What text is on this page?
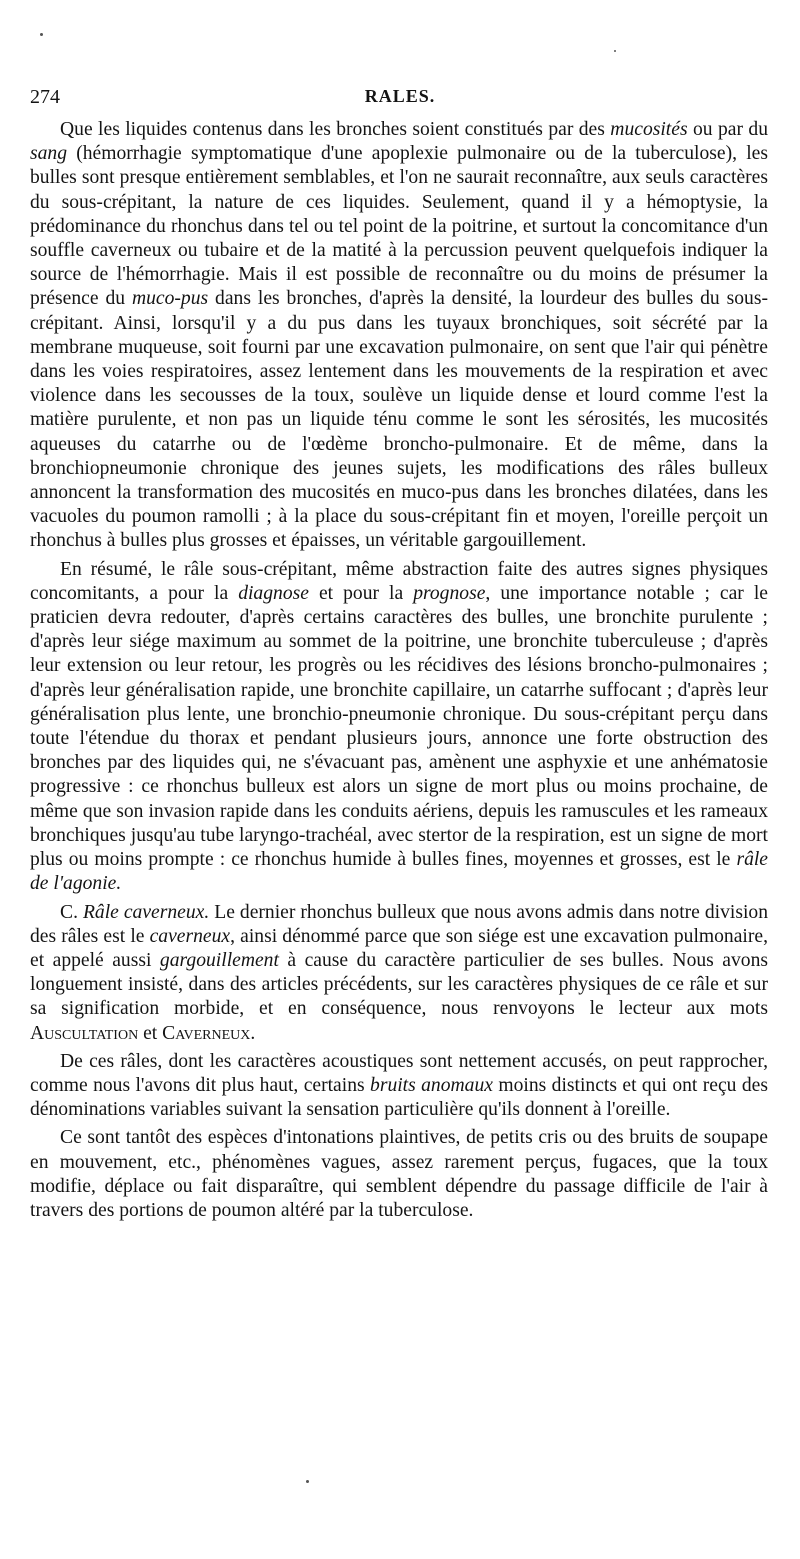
274	RALES.

Que les liquides contenus dans les bronches soient constitués par des mucosités ou par du sang (hémorrhagie symptomatique d'une apoplexie pulmonaire ou de la tuberculose), les bulles sont presque entièrement semblables, et l'on ne saurait reconnaître, aux seuls caractères du sous-crépitant, la nature de ces liquides. Seulement, quand il y a hémoptysie, la prédominance du rhonchus dans tel ou tel point de la poitrine, et surtout la concomitance d'un souffle caverneux ou tubaire et de la matité à la percussion peuvent quelquefois indiquer la source de l'hémorrhagie. Mais il est possible de reconnaître ou du moins de présumer la présence du muco-pus dans les bronches, d'après la densité, la lourdeur des bulles du sous-crépitant. Ainsi, lorsqu'il y a du pus dans les tuyaux bronchiques, soit sécrété par la membrane muqueuse, soit fourni par une excavation pulmonaire, on sent que l'air qui pénètre dans les voies respiratoires, assez lentement dans les mouvements de la respiration et avec violence dans les secousses de la toux, soulève un liquide dense et lourd comme l'est la matière purulente, et non pas un liquide ténu comme le sont les sérosités, les mucosités aqueuses du catarrhe ou de l'œdème broncho-pulmonaire. Et de même, dans la bronchiopneumonie chronique des jeunes sujets, les modifications des râles bulleux annoncent la transformation des mucosités en muco-pus dans les bronches dilatées, dans les vacuoles du poumon ramolli ; à la place du sous-crépitant fin et moyen, l'oreille perçoit un rhonchus à bulles plus grosses et épaisses, un véritable gargouillement.

En résumé, le râle sous-crépitant, même abstraction faite des autres signes physiques concomitants, a pour la diagnose et pour la prognose, une importance notable ; car le praticien devra redouter, d'après certains caractères des bulles, une bronchite purulente ; d'après leur siége maximum au sommet de la poitrine, une bronchite tuberculeuse ; d'après leur extension ou leur retour, les progrès ou les récidives des lésions broncho-pulmonaires ; d'après leur généralisation rapide, une bronchite capillaire, un catarrhe suffocant ; d'après leur généralisation plus lente, une bronchio-pneumonie chronique. Du sous-crépitant perçu dans toute l'étendue du thorax et pendant plusieurs jours, annonce une forte obstruction des bronches par des liquides qui, ne s'évacuant pas, amènent une asphyxie et une anhématosie progressive : ce rhonchus bulleux est alors un signe de mort plus ou moins prochaine, de même que son invasion rapide dans les conduits aériens, depuis les ramuscules et les rameaux bronchiques jusqu'au tube laryngo-trachéal, avec stertor de la respiration, est un signe de mort plus ou moins prompte : ce rhonchus humide à bulles fines, moyennes et grosses, est le râle de l'agonie.

C. Râle caverneux. Le dernier rhonchus bulleux que nous avons admis dans notre division des râles est le caverneux, ainsi dénommé parce que son siége est une excavation pulmonaire, et appelé aussi gargouillement à cause du caractère particulier de ses bulles. Nous avons longuement insisté, dans des articles précédents, sur les caractères physiques de ce râle et sur sa signification morbide, et en conséquence, nous renvoyons le lecteur aux mots Auscultation et Caverneux.

De ces râles, dont les caractères acoustiques sont nettement accusés, on peut rapprocher, comme nous l'avons dit plus haut, certains bruits anomaux moins distincts et qui ont reçu des dénominations variables suivant la sensation particulière qu'ils donnent à l'oreille.

Ce sont tantôt des espèces d'intonations plaintives, de petits cris ou des bruits de soupape en mouvement, etc., phénomènes vagues, assez rarement perçus, fugaces, que la toux modifie, déplace ou fait disparaître, qui semblent dépendre du passage difficile de l'air à travers des portions de poumon altéré par la tuberculose.
